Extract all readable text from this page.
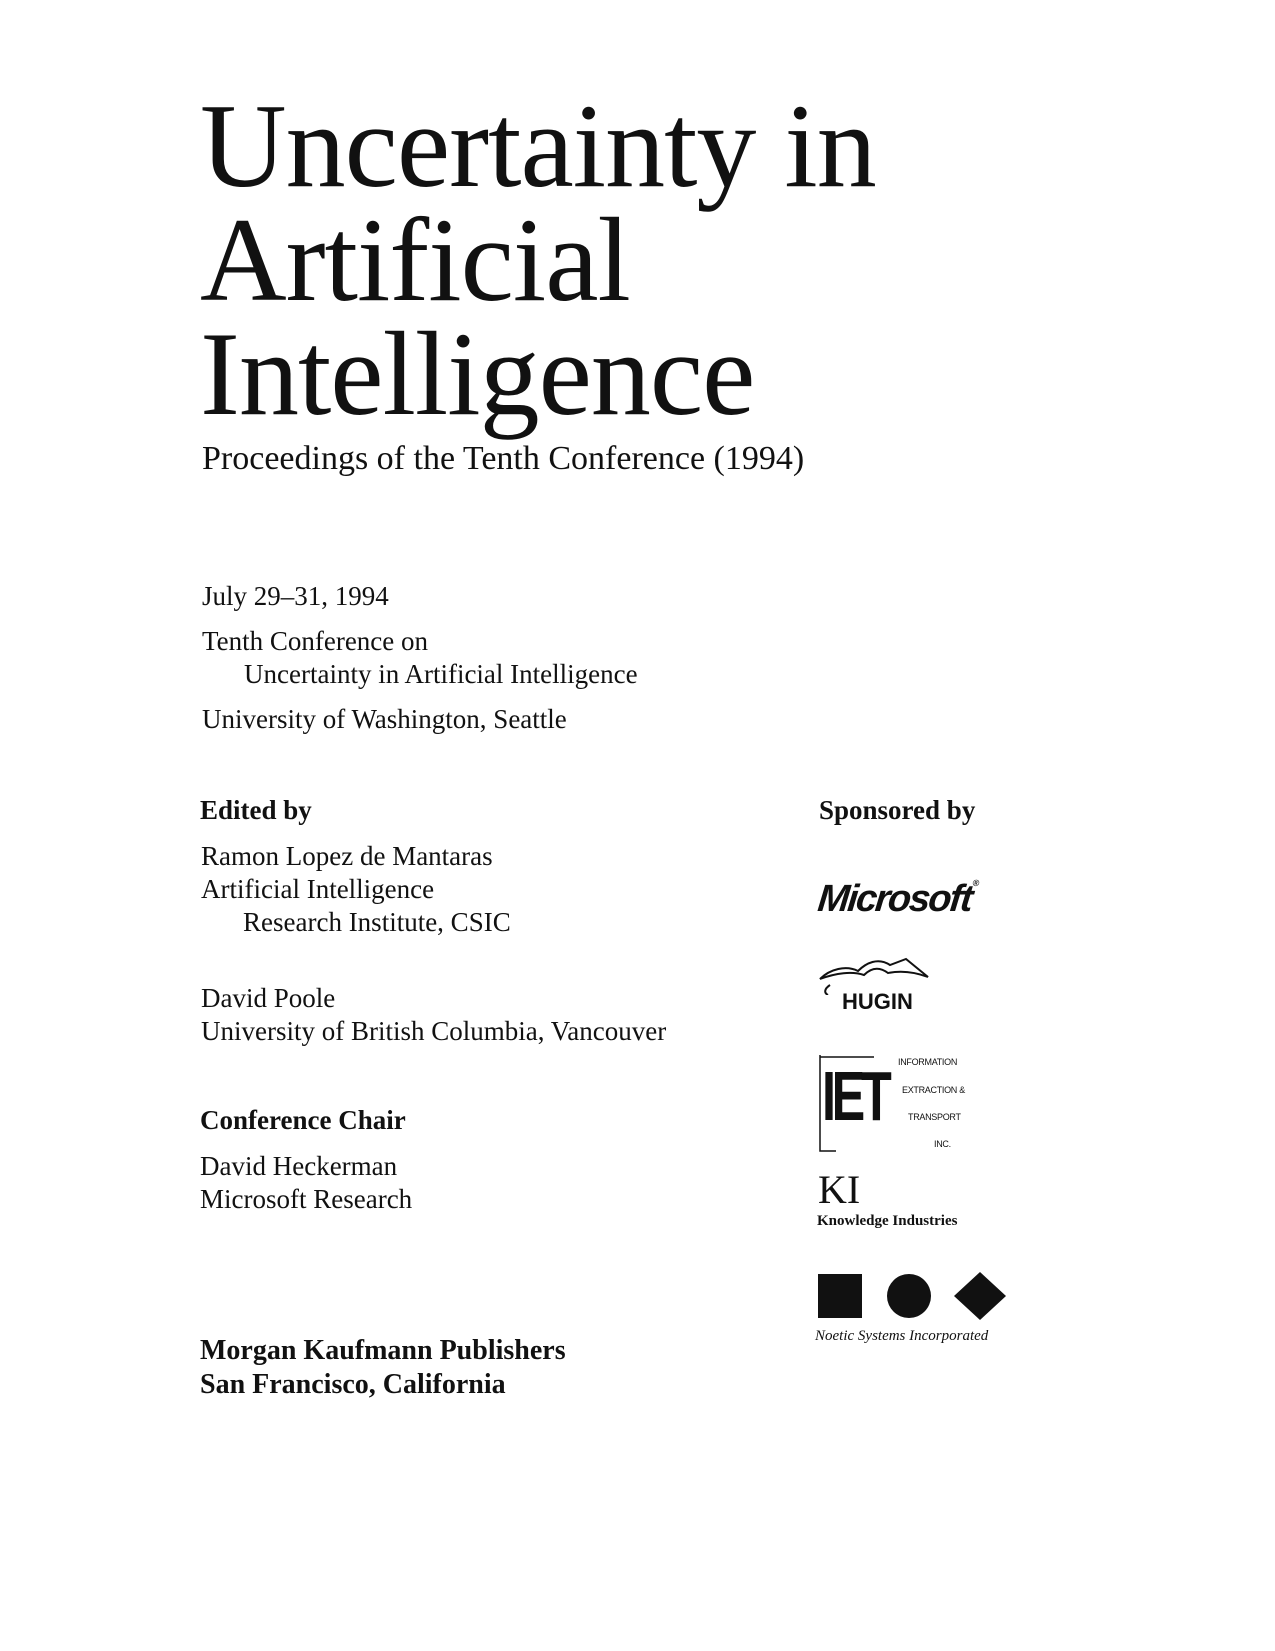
Uncertainty in
Artificial
Intelligence
Proceedings of the Tenth Conference (1994)
July 29–31, 1994
Tenth Conference on
Uncertainty in Artificial Intelligence
University of Washington, Seattle
Edited by
Ramon Lopez de Mantaras
Artificial Intelligence
Research Institute, CSIC
David Poole
University of British Columbia, Vancouver
Conference Chair
David Heckerman
Microsoft Research
Morgan Kaufmann Publishers
San Francisco, California
Sponsored by
Microsoft®
HUGIN
IET INFORMATION
EXTRACTION &
TRANSPORT
INC.
KI
Knowledge Industries
Noetic Systems Incorporated
